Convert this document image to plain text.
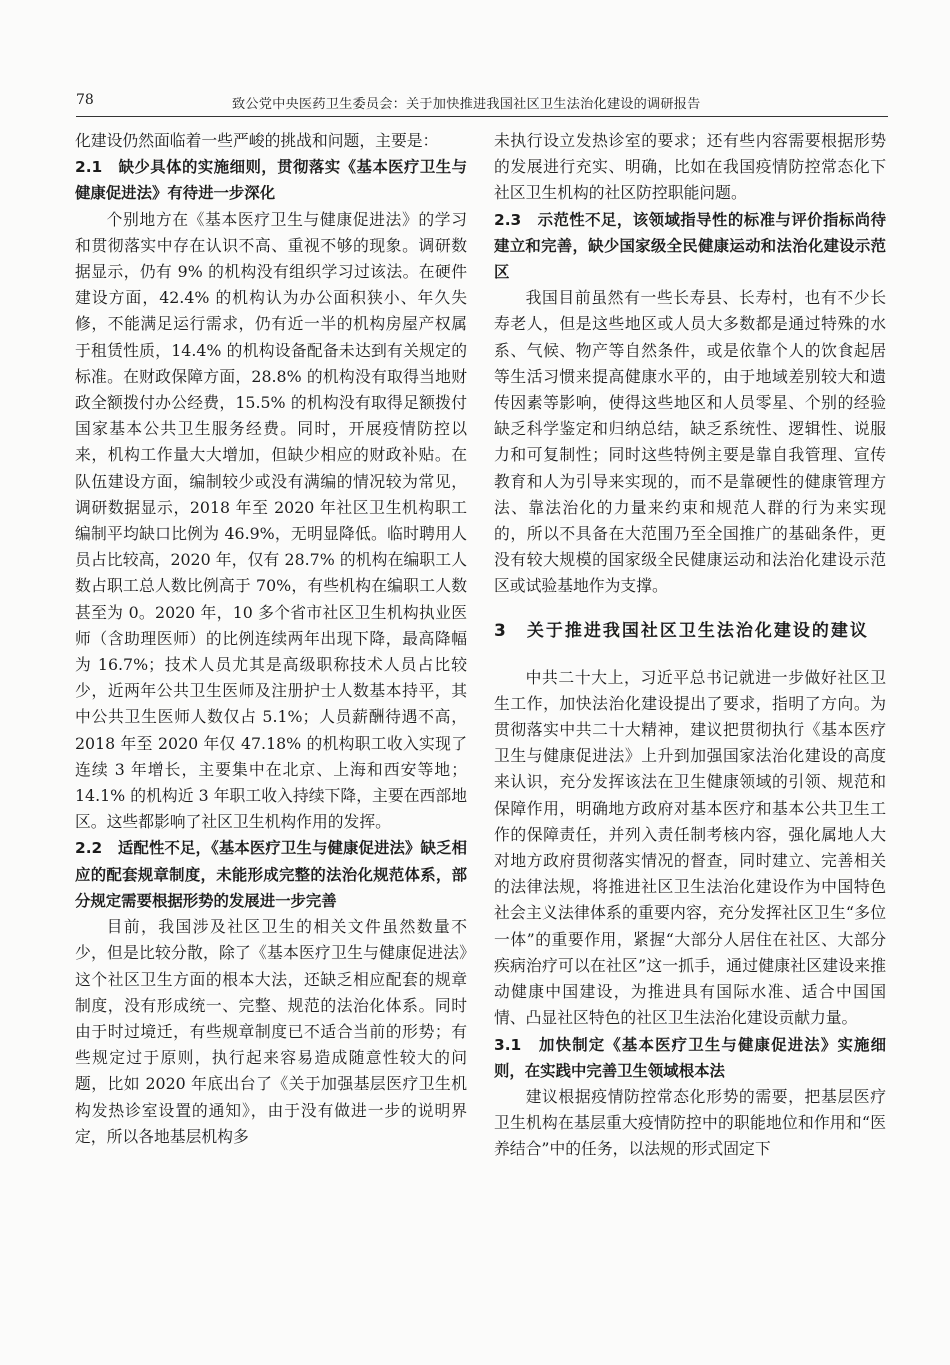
78	致公党中央医药卫生委员会：关于加快推进我国社区卫生法治化建设的调研报告

化建设仍然面临着一些严峻的挑战和问题，主要是：

2.1　缺少具体的实施细则，贯彻落实《基本医疗卫生与健康促进法》有待进一步深化

个别地方在《基本医疗卫生与健康促进法》的学习和贯彻落实中存在认识不高、重视不够的现象。调研数据显示，仍有 9% 的机构没有组织学习过该法。在硬件建设方面，42.4% 的机构认为办公面积狭小、年久失修，不能满足运行需求，仍有近一半的机构房屋产权属于租赁性质，14.4% 的机构设备配备未达到有关规定的标准。在财政保障方面，28.8% 的机构没有取得当地财政全额拨付办公经费，15.5% 的机构没有取得足额拨付国家基本公共卫生服务经费。同时，开展疫情防控以来，机构工作量大大增加，但缺少相应的财政补贴。在队伍建设方面，编制较少或没有满编的情况较为常见，调研数据显示，2018 年至 2020 年社区卫生机构职工编制平均缺口比例为 46.9%，无明显降低。临时聘用人员占比较高，2020 年，仅有 28.7% 的机构在编职工人数占职工总人数比例高于 70%，有些机构在编职工人数甚至为 0。2020 年，10 多个省市社区卫生机构执业医师（含助理医师）的比例连续两年出现下降，最高降幅为 16.7%；技术人员尤其是高级职称技术人员占比较少，近两年公共卫生医师及注册护士人数基本持平，其中公共卫生医师人数仅占 5.1%；人员薪酬待遇不高，2018 年至 2020 年仅 47.18% 的机构职工收入实现了连续 3 年增长，主要集中在北京、上海和西安等地；14.1% 的机构近 3 年职工收入持续下降，主要在西部地区。这些都影响了社区卫生机构作用的发挥。

2.2　适配性不足，《基本医疗卫生与健康促进法》缺乏相应的配套规章制度，未能形成完整的法治化规范体系，部分规定需要根据形势的发展进一步完善

目前，我国涉及社区卫生的相关文件虽然数量不少，但是比较分散，除了《基本医疗卫生与健康促进法》这个社区卫生方面的根本大法，还缺乏相应配套的规章制度，没有形成统一、完整、规范的法治化体系。同时由于时过境迁，有些规章制度已不适合当前的形势；有些规定过于原则，执行起来容易造成随意性较大的问题，比如 2020 年底出台了《关于加强基层医疗卫生机构发热诊室设置的通知》，由于没有做进一步的说明界定，所以各地基层机构多

未执行设立发热诊室的要求；还有些内容需要根据形势的发展进行充实、明确，比如在我国疫情防控常态化下社区卫生机构的社区防控职能问题。

2.3　示范性不足，该领域指导性的标准与评价指标尚待建立和完善，缺少国家级全民健康运动和法治化建设示范区

我国目前虽然有一些长寿县、长寿村，也有不少长寿老人，但是这些地区或人员大多数都是通过特殊的水系、气候、物产等自然条件，或是依靠个人的饮食起居等生活习惯来提高健康水平的，由于地域差别较大和遗传因素等影响，使得这些地区和人员零星、个别的经验缺乏科学鉴定和归纳总结，缺乏系统性、逻辑性、说服力和可复制性；同时这些特例主要是靠自我管理、宣传教育和人为引导来实现的，而不是靠硬性的健康管理方法、靠法治化的力量来约束和规范人群的行为来实现的，所以不具备在大范围乃至全国推广的基础条件，更没有较大规模的国家级全民健康运动和法治化建设示范区或试验基地作为支撑。

3　关于推进我国社区卫生法治化建设的建议

中共二十大上，习近平总书记就进一步做好社区卫生工作，加快法治化建设提出了要求，指明了方向。为贯彻落实中共二十大精神，建议把贯彻执行《基本医疗卫生与健康促进法》上升到加强国家法治化建设的高度来认识，充分发挥该法在卫生健康领域的引领、规范和保障作用，明确地方政府对基本医疗和基本公共卫生工作的保障责任，并列入责任制考核内容，强化属地人大对地方政府贯彻落实情况的督查，同时建立、完善相关的法律法规，将推进社区卫生法治化建设作为中国特色社会主义法律体系的重要内容，充分发挥社区卫生“多位一体”的重要作用，紧握“大部分人居住在社区、大部分疾病治疗可以在社区”这一抓手，通过健康社区建设来推动健康中国建设，为推进具有国际水准、适合中国国情、凸显社区特色的社区卫生法治化建设贡献力量。

3.1　加快制定《基本医疗卫生与健康促进法》实施细则，在实践中完善卫生领域根本法

建议根据疫情防控常态化形势的需要，把基层医疗卫生机构在基层重大疫情防控中的职能地位和作用和“医养结合”中的任务，以法规的形式固定下
